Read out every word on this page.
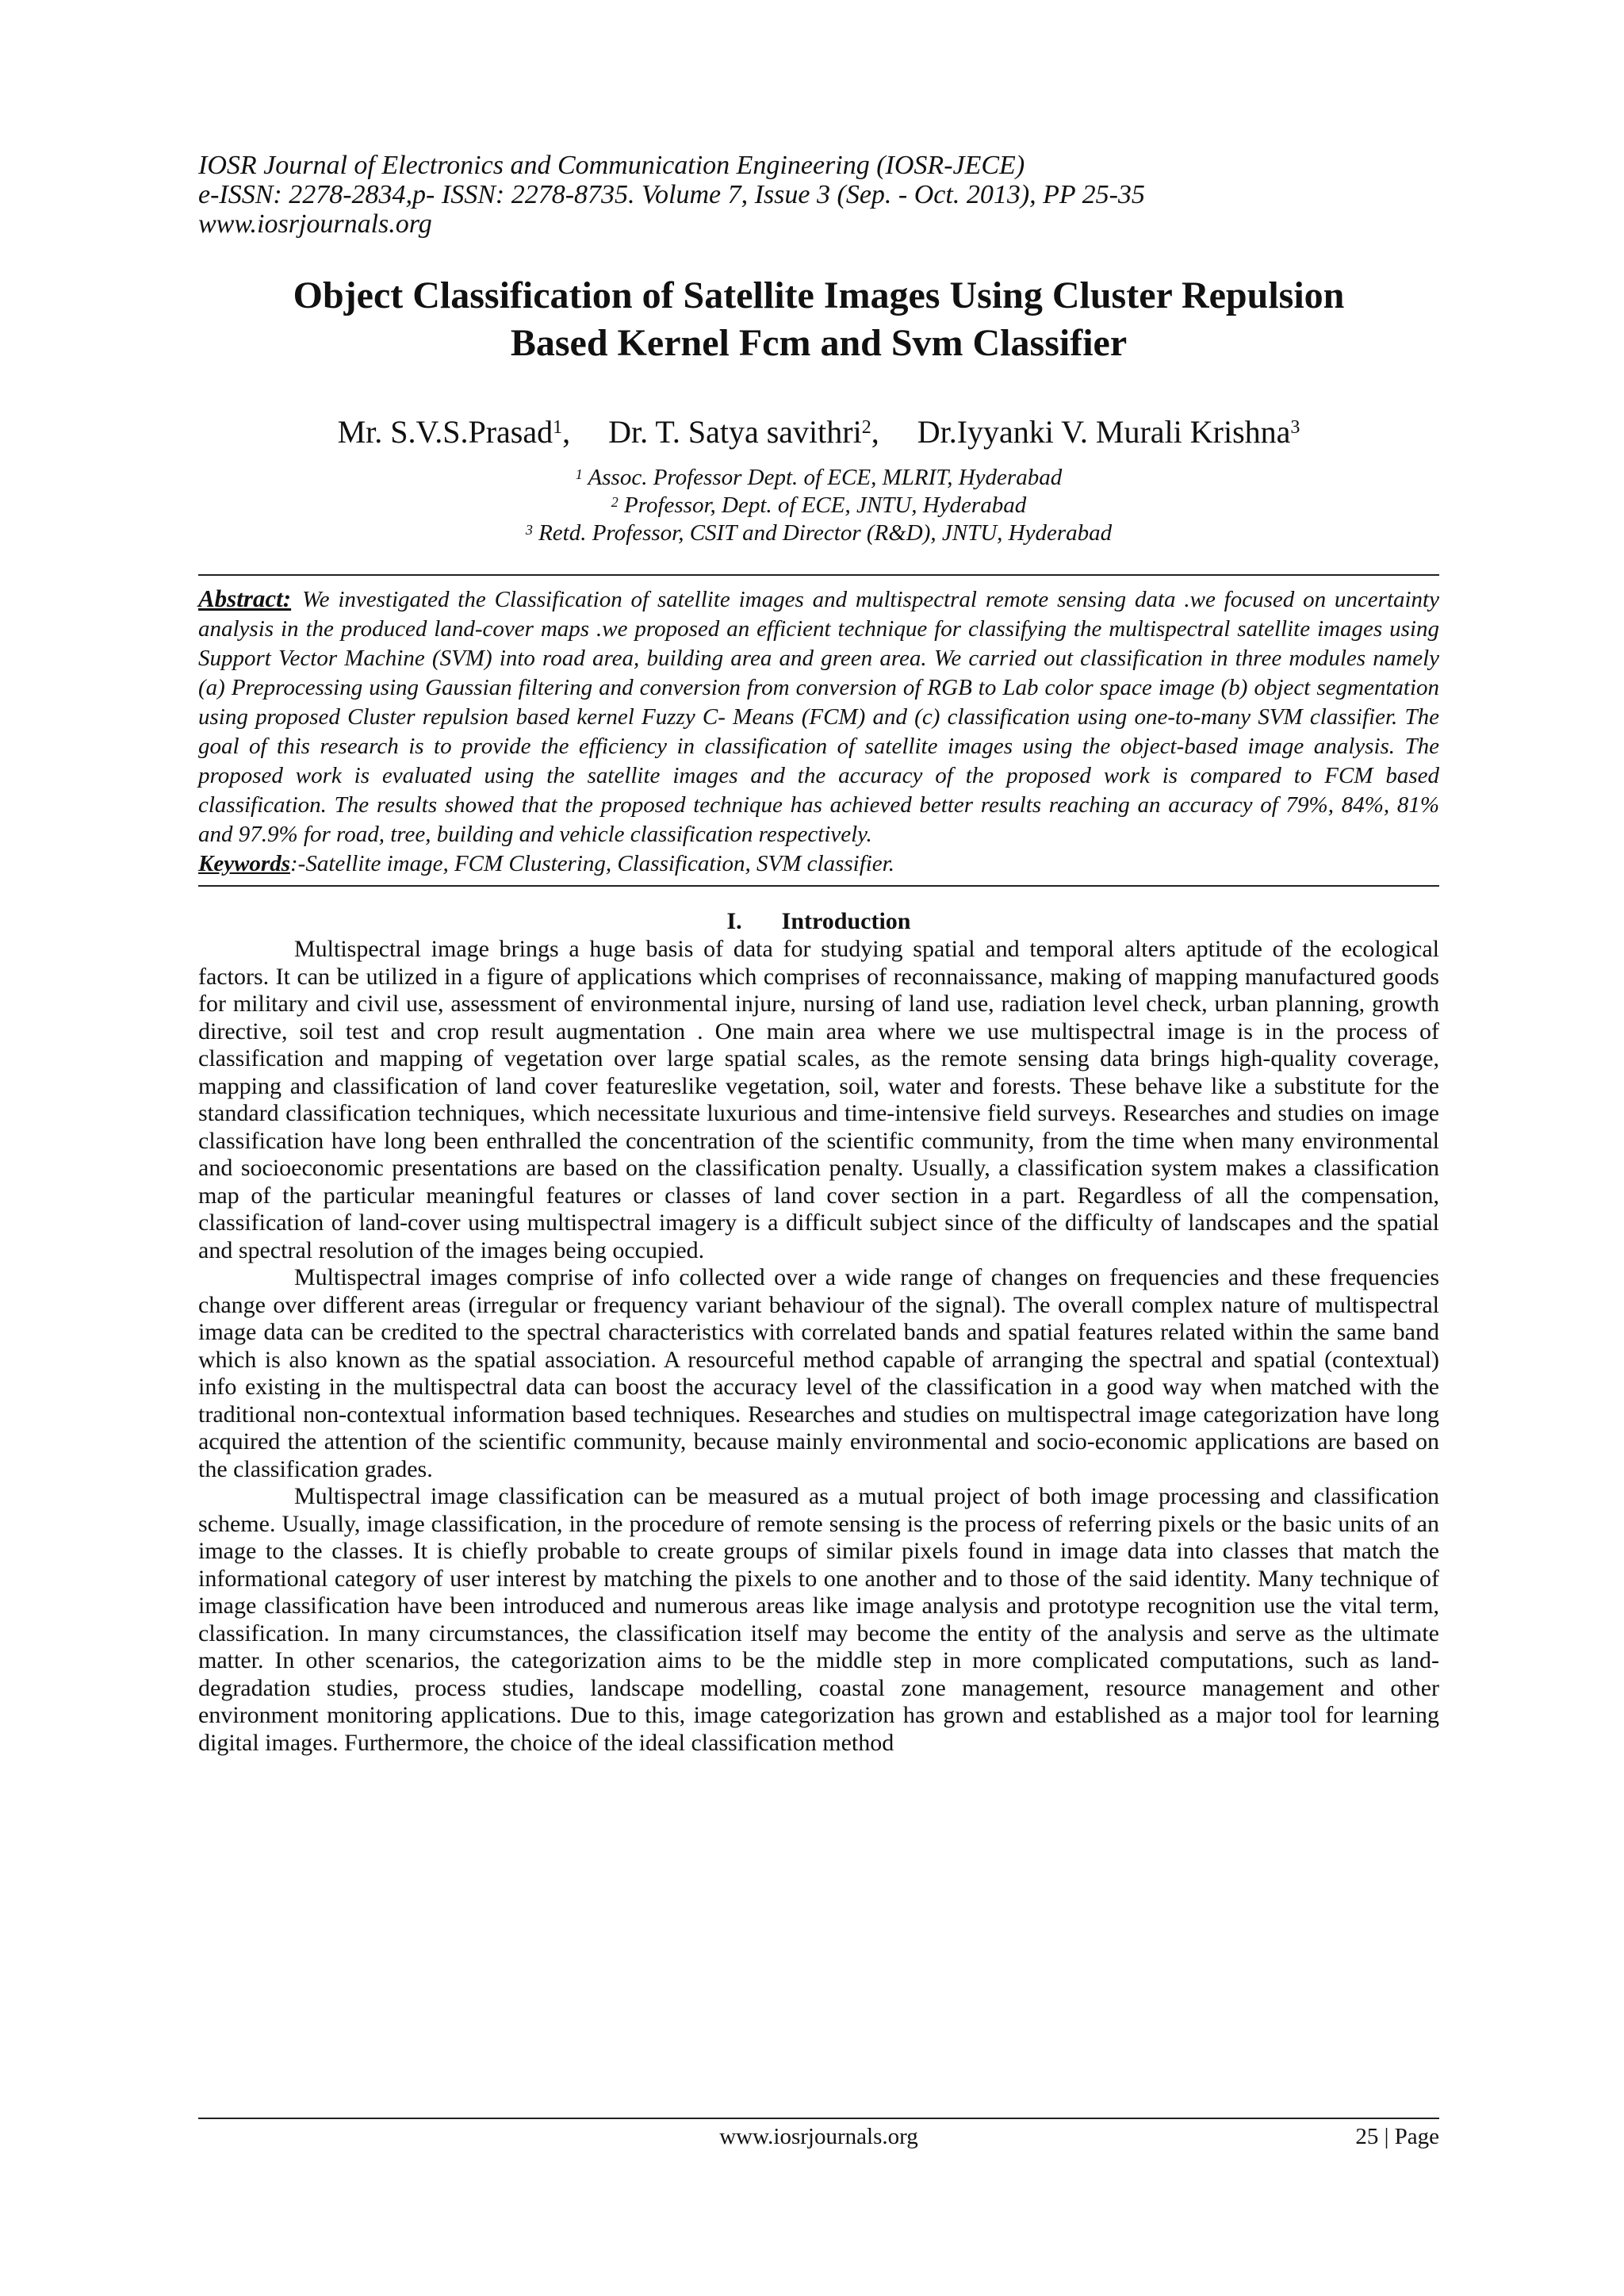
IOSR Journal of Electronics and Communication Engineering (IOSR-JECE)
e-ISSN: 2278-2834,p- ISSN: 2278-8735. Volume 7, Issue 3 (Sep. - Oct. 2013), PP 25-35
www.iosrjournals.org

Object Classification of Satellite Images Using Cluster Repulsion
Based Kernel Fcm and Svm Classifier
Mr. S.V.S.Prasad$^1$, Dr. T. Satya savithri$^2$, Dr.Iyyanki V. Murali Krishna$^3$
$^1$ Assoc. Professor Dept. of ECE, MLRIT, Hyderabad
$^2$ Professor, Dept. of ECE, JNTU, Hyderabad
$^3$ Retd. Professor, CSIT and Director (R&D), JNTU, Hyderabad
Abstract: We investigated the Classification of satellite images and multispectral remote sensing data .we focused on uncertainty analysis in the produced land-cover maps .we proposed an efficient technique for classifying the multispectral satellite images using Support Vector Machine (SVM) into road area, building area and green area. We carried out classification in three modules namely (a) Preprocessing using Gaussian filtering and conversion from conversion of RGB to Lab color space image (b) object segmentation using proposed Cluster repulsion based kernel Fuzzy C- Means (FCM) and (c) classification using one-to-many SVM classifier. The goal of this research is to provide the efficiency in classification of satellite images using the object-based image analysis. The proposed work is evaluated using the satellite images and the accuracy of the proposed work is compared to FCM based classification. The results showed that the proposed technique has achieved better results reaching an accuracy of 79%, 84%, 81% and 97.9% for road, tree, building and vehicle classification respectively.
Keywords:-Satellite image, FCM Clustering, Classification, SVM classifier.
I. Introduction

Multispectral image brings a huge basis of data for studying spatial and temporal alters aptitude of the ecological factors. It can be utilized in a figure of applications which comprises of reconnaissance, making of mapping manufactured goods for military and civil use, assessment of environmental injure, nursing of land use, radiation level check, urban planning, growth directive, soil test and crop result augmentation . One main area where we use multispectral image is in the process of classification and mapping of vegetation over large spatial scales, as the remote sensing data brings high-quality coverage, mapping and classification of land cover featureslike vegetation, soil, water and forests. These behave like a substitute for the standard classification techniques, which necessitate luxurious and time-intensive field surveys. Researches and studies on image classification have long been enthralled the concentration of the scientific community, from the time when many environmental and socioeconomic presentations are based on the classification penalty. Usually, a classification system makes a classification map of the particular meaningful features or classes of land cover section in a part. Regardless of all the compensation, classification of land-cover using multispectral imagery is a difficult subject since of the difficulty of landscapes and the spatial and spectral resolution of the images being occupied.

Multispectral images comprise of info collected over a wide range of changes on frequencies and these frequencies change over different areas (irregular or frequency variant behaviour of the signal). The overall complex nature of multispectral image data can be credited to the spectral characteristics with correlated bands and spatial features related within the same band which is also known as the spatial association. A resourceful method capable of arranging the spectral and spatial (contextual) info existing in the multispectral data can boost the accuracy level of the classification in a good way when matched with the traditional non-contextual information based techniques. Researches and studies on multispectral image categorization have long acquired the attention of the scientific community, because mainly environmental and socio-economic applications are based on the classification grades.

Multispectral image classification can be measured as a mutual project of both image processing and classification scheme. Usually, image classification, in the procedure of remote sensing is the process of referring pixels or the basic units of an image to the classes. It is chiefly probable to create groups of similar pixels found in image data into classes that match the informational category of user interest by matching the pixels to one another and to those of the said identity. Many technique of image classification have been introduced and numerous areas like image analysis and prototype recognition use the vital term, classification. In many circumstances, the classification itself may become the entity of the analysis and serve as the ultimate matter. In other scenarios, the categorization aims to be the middle step in more complicated computations, such as land-degradation studies, process studies, landscape modelling, coastal zone management, resource management and other environment monitoring applications. Due to this, image categorization has grown and established as a major tool for learning digital images. Furthermore, the choice of the ideal classification method

www.iosrjournals.org	25 | Page
